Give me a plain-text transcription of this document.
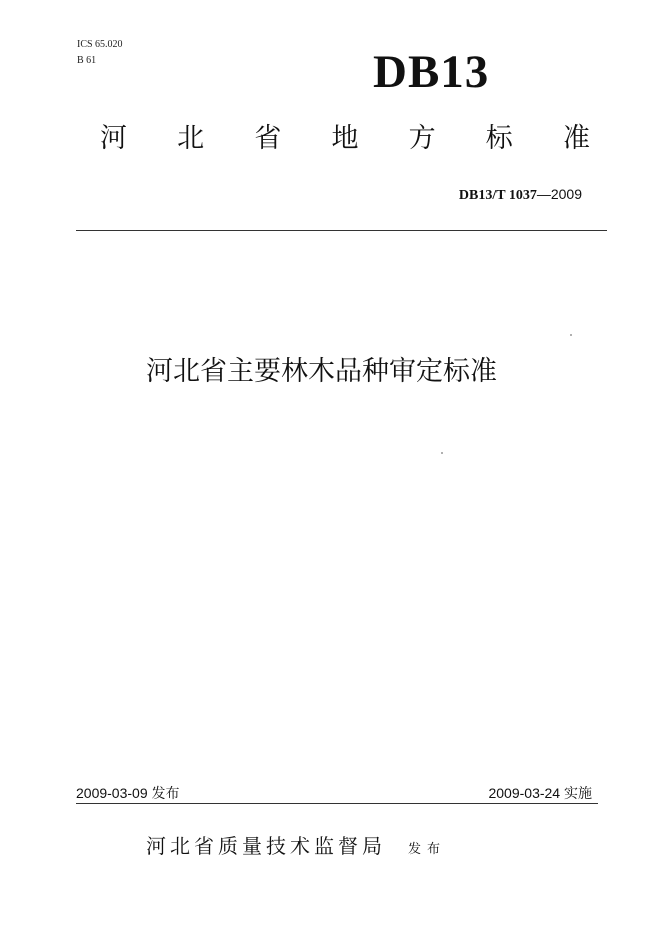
ICS 65.020
B 61	DB13
河 北 省 地 方 标 准
DB13/T 1037—2009
河北省主要林木品种审定标准
2009-03-09 发布	2009-03-24 实施
河北省质量技术监督局 发布
